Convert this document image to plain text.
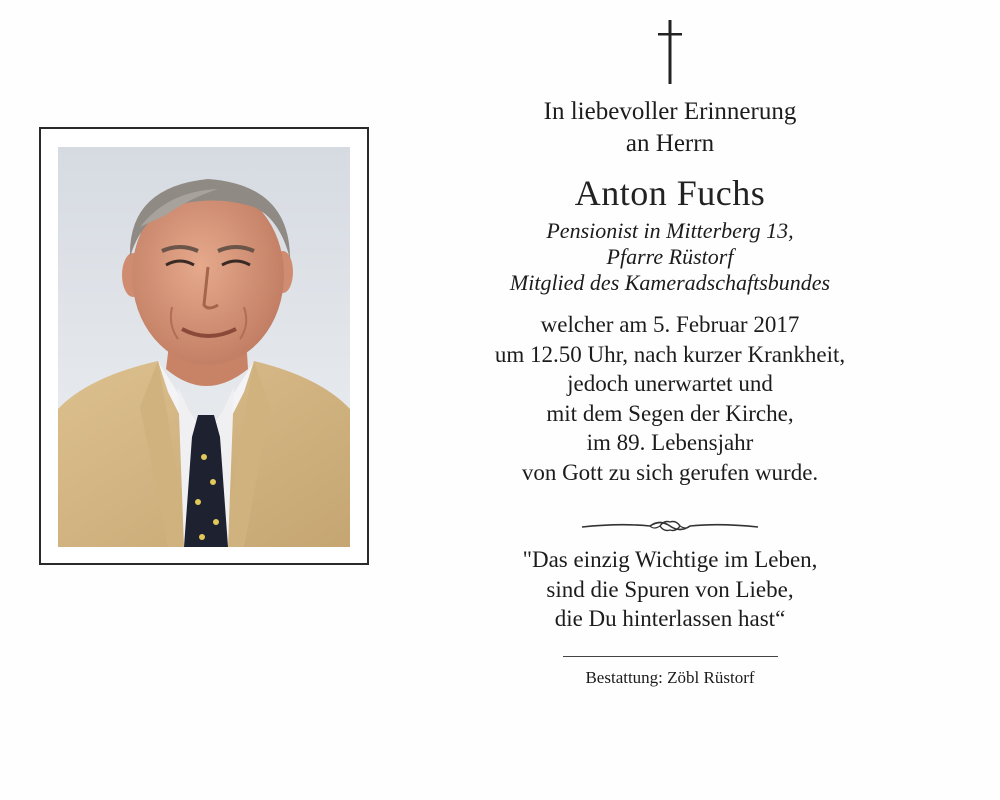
In liebevoller Erinnerung
an Herrn
Anton Fuchs
Pensionist in Mitterberg 13,
Pfarre Rüstorf
Mitglied des Kameradschaftsbundes
welcher am 5. Februar 2017
um 12.50 Uhr, nach kurzer Krankheit,
jedoch unerwartet und
mit dem Segen der Kirche,
im 89. Lebensjahr
von Gott zu sich gerufen wurde.
"Das einzig Wichtige im Leben,
sind die Spuren von Liebe,
die Du hinterlassen hast“
Bestattung: Zöbl Rüstorf
